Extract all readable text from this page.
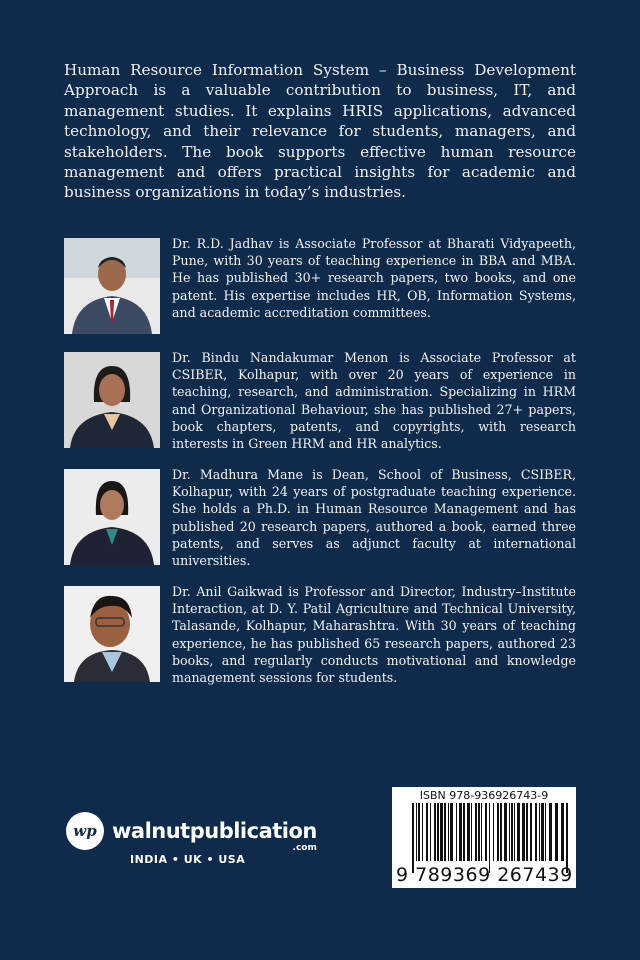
Human Resource Information System – Business Development Approach is a valuable contribution to business, IT, and management studies. It explains HRIS applications, advanced technology, and their relevance for students, managers, and stakeholders. The book supports effective human resource management and offers practical insights for academic and business organizations in today’s industries.

Dr. R.D. Jadhav is Associate Professor at Bharati Vidyapeeth, Pune, with 30 years of teaching experience in BBA and MBA. He has published 30+ research papers, two books, and one patent. His expertise includes HR, OB, Information Systems, and academic accreditation committees.

Dr. Bindu Nandakumar Menon is Associate Professor at CSIBER, Kolhapur, with over 20 years of experience in teaching, research, and administration. Specializing in HRM and Organizational Behaviour, she has published 27+ papers, book chapters, patents, and copyrights, with research interests in Green HRM and HR analytics.

Dr. Madhura Mane is Dean, School of Business, CSIBER, Kolhapur, with 24 years of postgraduate teaching experience. She holds a Ph.D. in Human Resource Management and has published 20 research papers, authored a book, earned three patents, and serves as adjunct faculty at international universities.

Dr. Anil Gaikwad is Professor and Director, Industry–Institute Interaction, at D. Y. Patil Agriculture and Technical University, Talasande, Kolhapur, Maharashtra. With 30 years of teaching experience, he has published 65 research papers, authored 23 books, and regularly conducts motivational and knowledge management sessions for students.

wp walnutpublication
.com
INDIA • UK • USA
ISBN 978-936926743-9
9 789369 267439
